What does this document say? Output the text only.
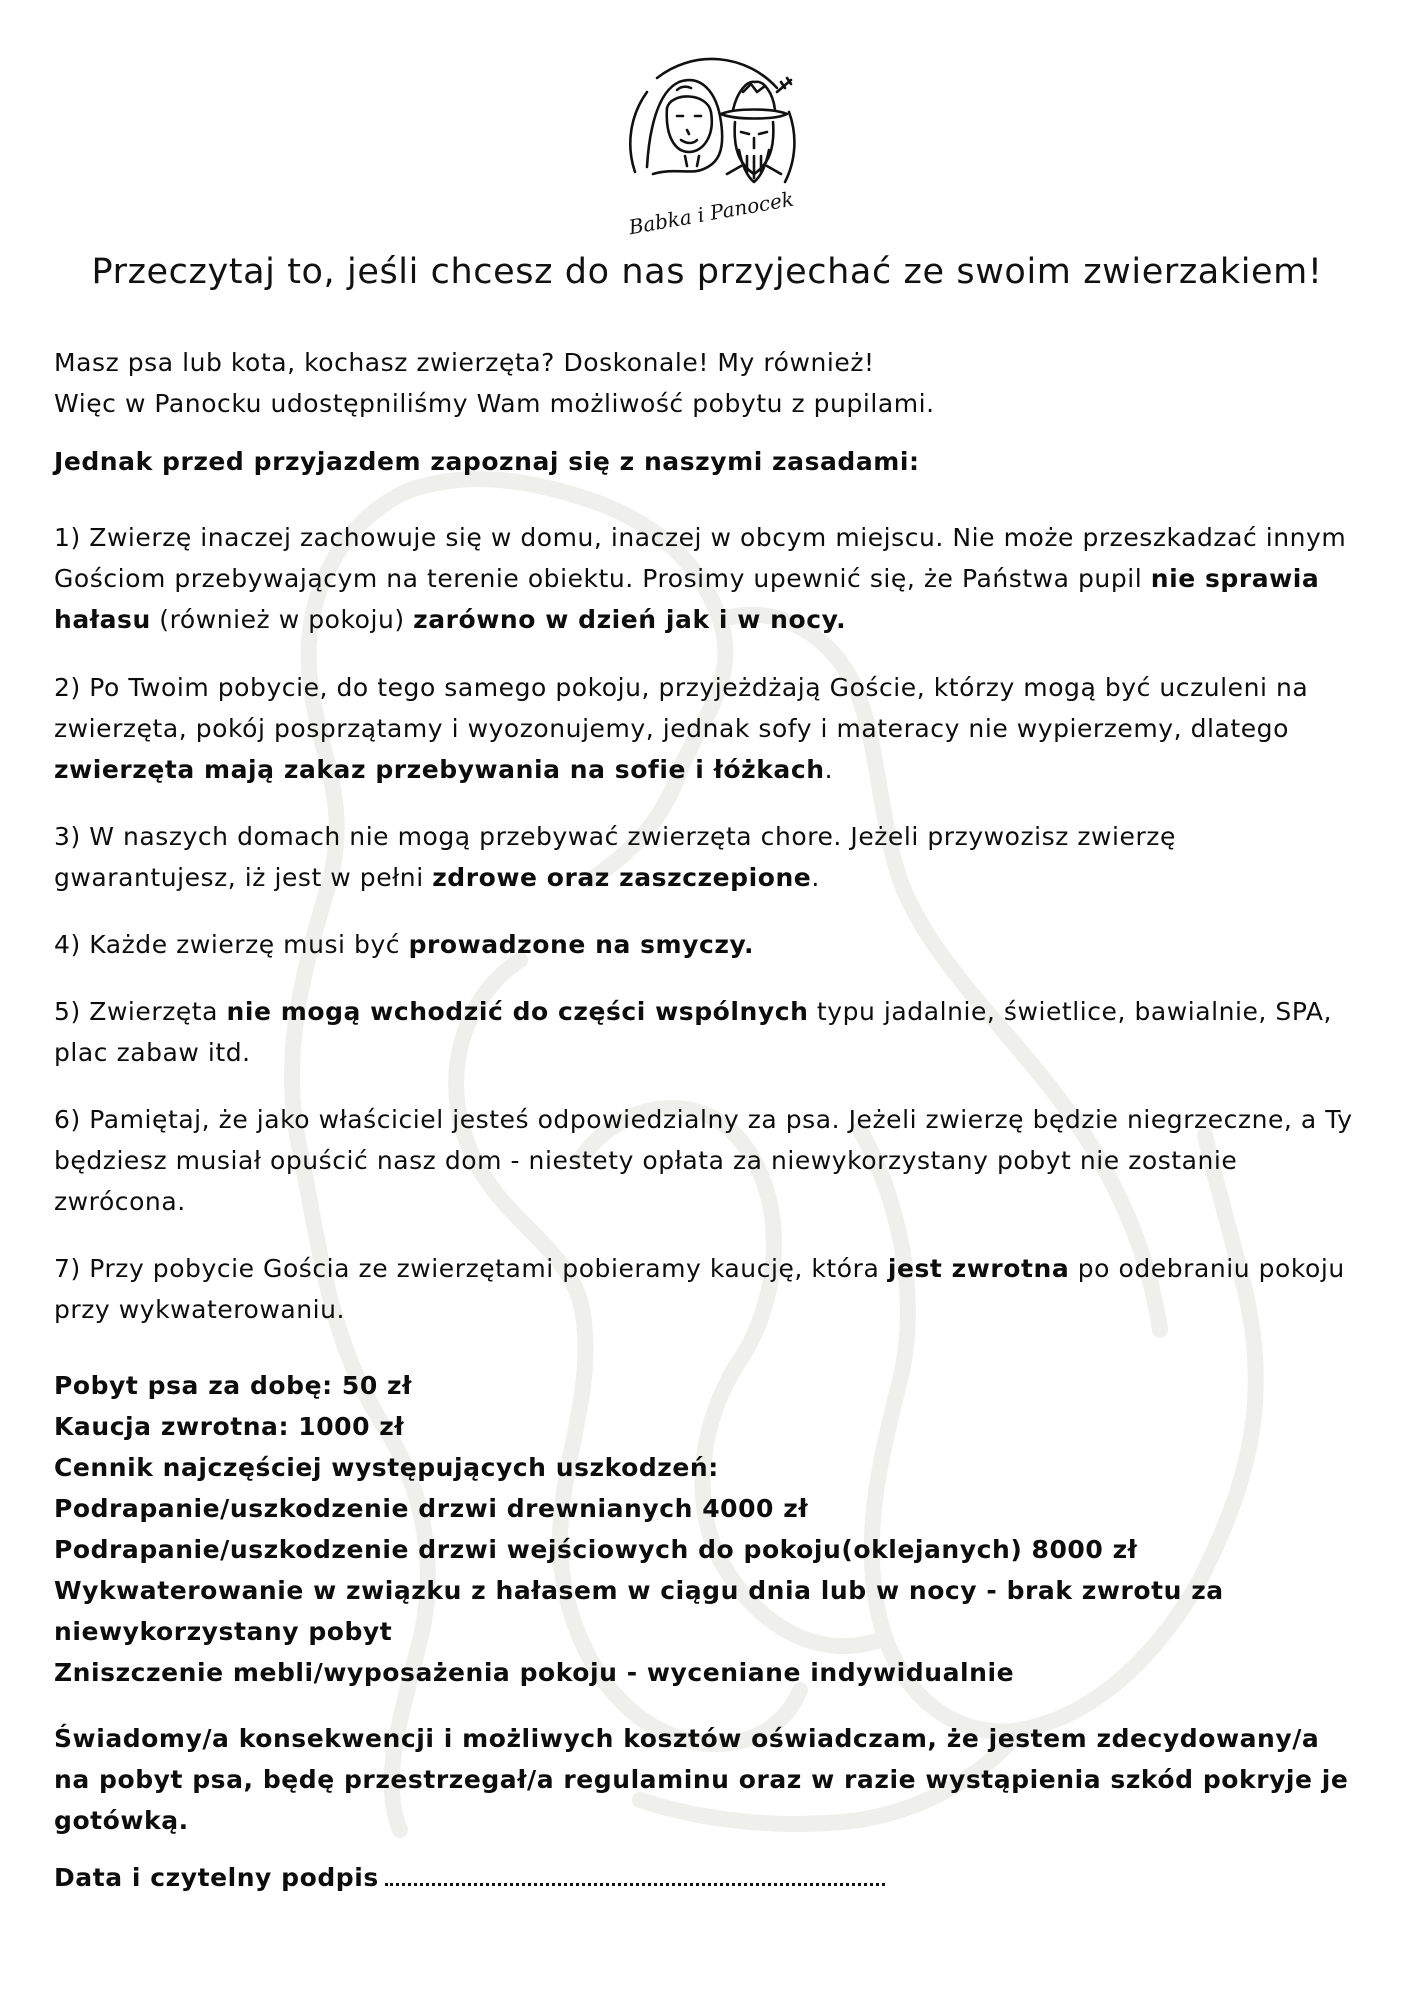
Babka i Panocek
Przeczytaj to, jeśli chcesz do nas przyjechać ze swoim zwierzakiem!

Masz psa lub kota, kochasz zwierzęta? Doskonale! My również!

Więc w Panocku udostępniliśmy Wam możliwość pobytu z pupilami.

Jednak przed przyjazdem zapoznaj się z naszymi zasadami:

1) Zwierzę inaczej zachowuje się w domu, inaczej w obcym miejscu. Nie może przeszkadzać innym Gościom przebywającym na terenie obiektu. Prosimy upewnić się, że Państwa pupil nie sprawia hałasu (również w pokoju) zarówno w dzień jak i w nocy.

2) Po Twoim pobycie, do tego samego pokoju, przyjeżdżają Goście, którzy mogą być uczuleni na zwierzęta, pokój posprzątamy i wyozonujemy, jednak sofy i materacy nie wypierzemy, dlatego zwierzęta mają zakaz przebywania na sofie i łóżkach.

3) W naszych domach nie mogą przebywać zwierzęta chore. Jeżeli przywozisz zwierzę gwarantujesz, iż jest w pełni zdrowe oraz zaszczepione.

4) Każde zwierzę musi być prowadzone na smyczy.

5) Zwierzęta nie mogą wchodzić do części wspólnych typu jadalnie, świetlice, bawialnie, SPA, plac zabaw itd.

6) Pamiętaj, że jako właściciel jesteś odpowiedzialny za psa. Jeżeli zwierzę będzie niegrzeczne, a Ty będziesz musiał opuścić nasz dom - niestety opłata za niewykorzystany pobyt nie zostanie zwrócona.

7) Przy pobycie Gościa ze zwierzętami pobieramy kaucję, która jest zwrotna po odebraniu pokoju przy wykwaterowaniu.

Pobyt psa za dobę: 50 zł

Kaucja zwrotna: 1000 zł

Cennik najczęściej występujących uszkodzeń:

Podrapanie/uszkodzenie drzwi drewnianych 4000 zł

Podrapanie/uszkodzenie drzwi wejściowych do pokoju(oklejanych) 8000 zł

Wykwaterowanie w związku z hałasem w ciągu dnia lub w nocy - brak zwrotu za niewykorzystany pobyt

Zniszczenie mebli/wyposażenia pokoju - wyceniane indywidualnie

Świadomy/a konsekwencji i możliwych kosztów oświadczam, że jestem zdecydowany/a na pobyt psa, będę przestrzegał/a regulaminu oraz w razie wystąpienia szkód pokryje je gotówką.

Data i czytelny podpis
